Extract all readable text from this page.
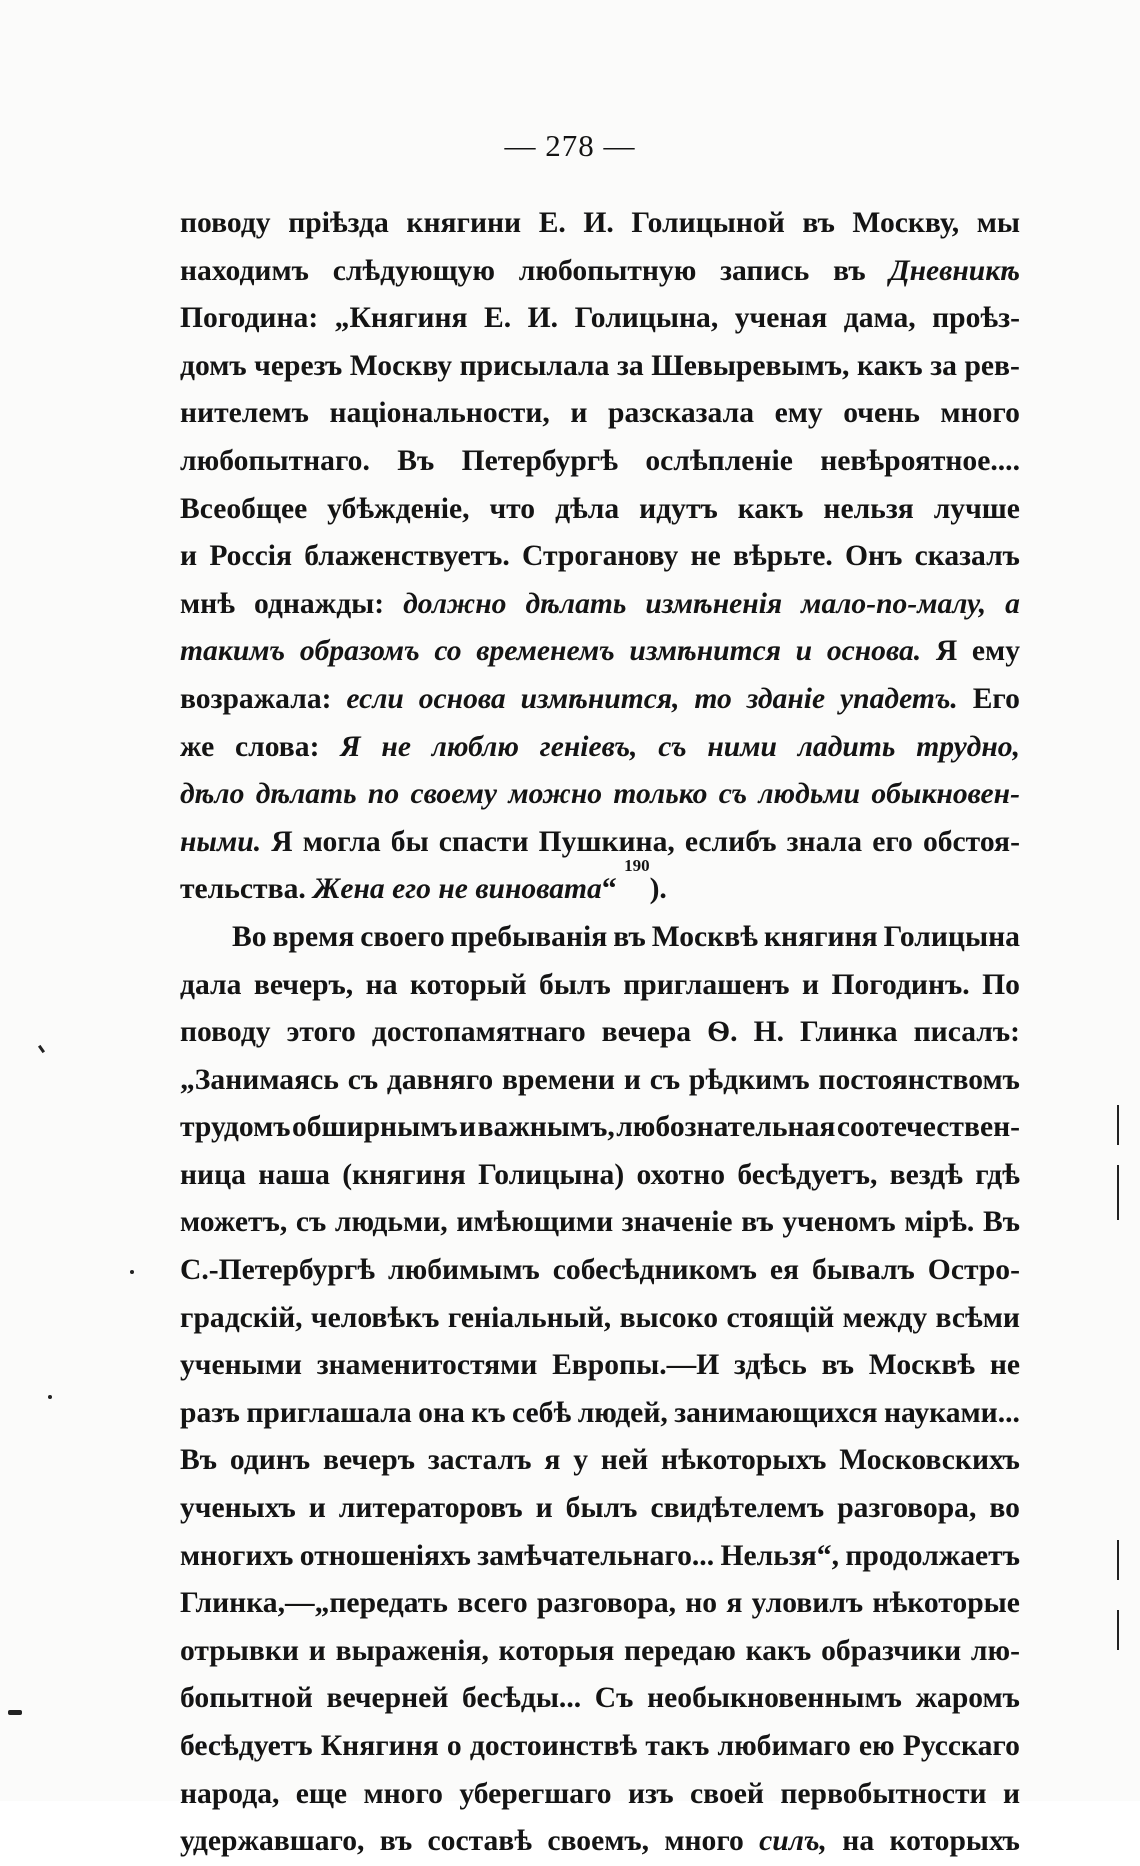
— 278 —
поводу прiѣзда княгини Е. И. Голицыной въ Москву, мы
находимъ слѣдующую любопытную запись въ Дневникѣ
Погодина: „Княгиня Е. И. Голицына, ученая дама, проѣз-
домъ черезъ Москву присылала за Шевыревымъ, какъ за рев-
нителемъ нацiональности, и разсказала ему очень много
любопытнаго. Въ Петербургѣ ослѣпленiе невѣроятное....
Всеобщее убѣжденiе, что дѣла идутъ какъ нельзя лучше
и Россiя блаженствуетъ. Строганову не вѣрьте. Онъ сказалъ
мнѣ однажды: должно дѣлать измѣненiя мало-по-малу, а
такимъ образомъ со временемъ измѣнится и основа. Я ему
возражала: если основа измѣнится, то зданiе упадетъ. Его
же слова: Я не люблю генiевъ, съ ними ладить трудно,
дѣло дѣлать по своему можно только съ людьми обыкновен-
ными. Я могла бы спасти Пушкина, еслибъ зналa его обстоя-
тельства. Жена его не виновата “
190
).
Во время своего пребыванiя въ Москвѣ княгиня Голицына
дала вечеръ, на который былъ приглашенъ и Погодинъ. По
поводу этого достопамятнаго вечера Ѳ. Н. Глинка писалъ:
„Занимаясь съ давняго времени и съ рѣдкимъ постоянствомъ
трудомъ обширнымъ и важнымъ, любознательная соотечествен-
ница наша (княгиня Голицына) охотно бесѣдуетъ, вездѣ гдѣ
можетъ, съ людьми, имѣющими значенiе въ ученомъ мiрѣ. Въ
С.-Петербургѣ любимымъ собесѣдникомъ ея бывалъ Остро-
градскiй, человѣкъ генiальный, высоко стоящiй между всѣми
учеными знаменитостями Европы.—И здѣсь въ Москвѣ не
разъ приглашала она къ себѣ людей, занимающихся науками...
Въ одинъ вечеръ засталъ я у ней нѣкоторыхъ Московскихъ
ученыхъ и литераторовъ и былъ свидѣтелемъ разговора, во
многихъ отношенiяхъ замѣчательнаго... Нельзя“, продолжаетъ
Глинка,—„передать всего разговора, но я уловилъ нѣкоторые
отрывки и выраженiя, которыя передаю какъ образчики лю-
бопытной вечерней бесѣды... Съ необыкновеннымъ жаромъ
бесѣдуетъ Княгиня о достоинствѣ такъ любимаго ею Русскаго
народа, еще много уберегшаго изъ своей первобытности и
удержавшаго, въ составѣ своемъ, много силъ, на которыхъ
